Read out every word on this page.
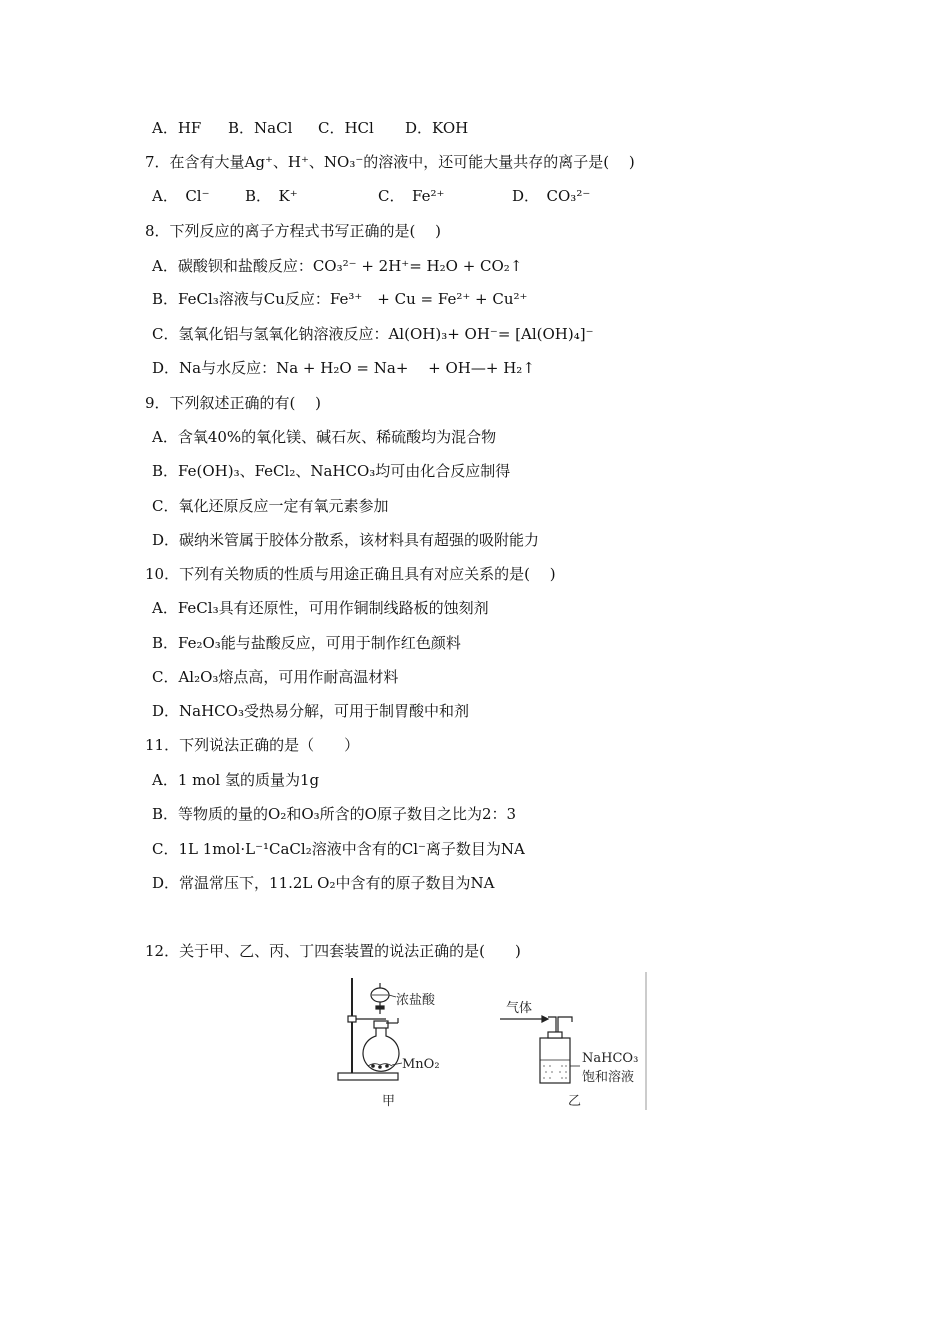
A．HF B．NaCl C．HCl D．KOH
7．在含有大量Ag⁺、H⁺、NO₃⁻的溶液中，还可能大量共存的离子是(　 )
A．　Cl⁻ B．　K⁺	C．　Fe²⁺	D．　CO₃²⁻
8．下列反应的离子方程式书写正确的是(　 )
A．碳酸钡和盐酸反应：CO₃²⁻ + 2H⁺= H₂O + CO₂↑
B．FeCl₃溶液与Cu反应：Fe³⁺　+ Cu = Fe²⁺ + Cu²⁺
C．氢氧化铝与氢氧化钠溶液反应：Al(OH)₃+ OH⁻= [Al(OH)₄]⁻
D．Na与水反应：Na + H₂O = Na+　 + OH—+ H₂↑
9．下列叙述正确的有(　 )
A．含氧40%的氧化镁、碱石灰、稀硫酸均为混合物
B．Fe(OH)₃、FeCl₂、NaHCO₃均可由化合反应制得
C．氧化还原反应一定有氧元素参加
D．碳纳米管属于胶体分散系，该材料具有超强的吸附能力
10．下列有关物质的性质与用途正确且具有对应关系的是(　 )
A．FeCl₃具有还原性，可用作铜制线路板的蚀刻剂
B．Fe₂O₃能与盐酸反应，可用于制作红色颜料
C．Al₂O₃熔点高，可用作耐高温材料
D．NaHCO₃受热易分解，可用于制胃酸中和剂
11．下列说法正确的是（　　）
A．1 mol 氢的质量为1g
B．等物质的量的O₂和O₃所含的O原子数目之比为2：3
C．1L 1mol·L⁻¹CaCl₂溶液中含有的Cl⁻离子数目为NA
D．常温常压下，11.2L O₂中含有的原子数目为NA
12．关于甲、乙、丙、丁四套装置的说法正确的是(　　)
浓盐酸
MnO₂
甲
气体
NaHCO₃
饱和溶液
乙
